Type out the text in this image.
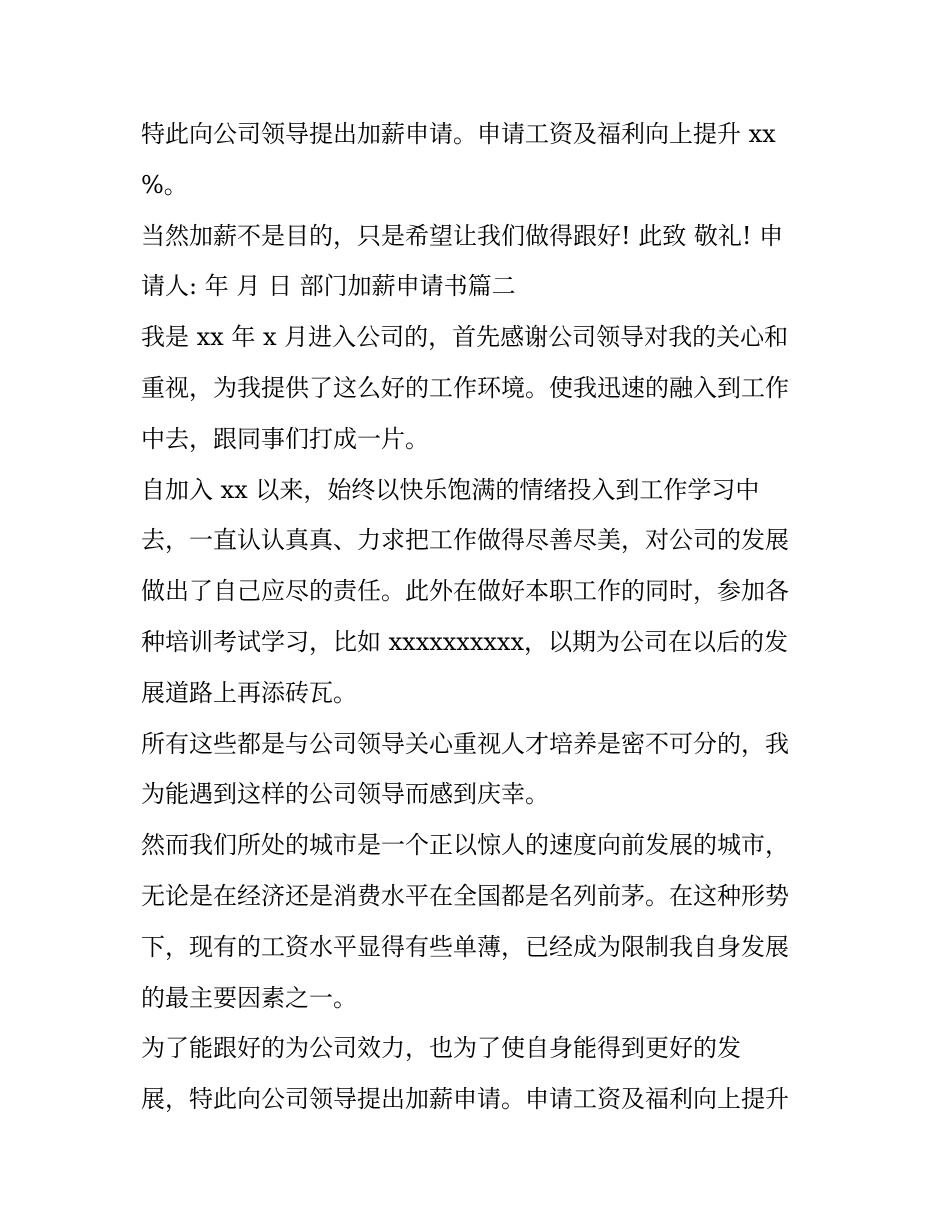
特此向公司领导提出加薪申请。申请工资及福利向上提升 xx
%。
当然加薪不是目的，只是希望让我们做得跟好! 此致 敬礼! 申
请人: 年 月 日 部门加薪申请书篇二
我是 xx 年 x 月进入公司的，首先感谢公司领导对我的关心和
重视，为我提供了这么好的工作环境。使我迅速的融入到工作
中去，跟同事们打成一片。
自加入 xx 以来，始终以快乐饱满的情绪投入到工作学习中
去，一直认认真真、力求把工作做得尽善尽美，对公司的发展
做出了自己应尽的责任。此外在做好本职工作的同时，参加各
种培训考试学习，比如 xxxxxxxxxx，以期为公司在以后的发
展道路上再添砖瓦。
所有这些都是与公司领导关心重视人才培养是密不可分的，我
为能遇到这样的公司领导而感到庆幸。
然而我们所处的城市是一个正以惊人的速度向前发展的城市，
无论是在经济还是消费水平在全国都是名列前茅。在这种形势
下，现有的工资水平显得有些单薄，已经成为限制我自身发展
的最主要因素之一。
为了能跟好的为公司效力，也为了使自身能得到更好的发
展，特此向公司领导提出加薪申请。申请工资及福利向上提升
